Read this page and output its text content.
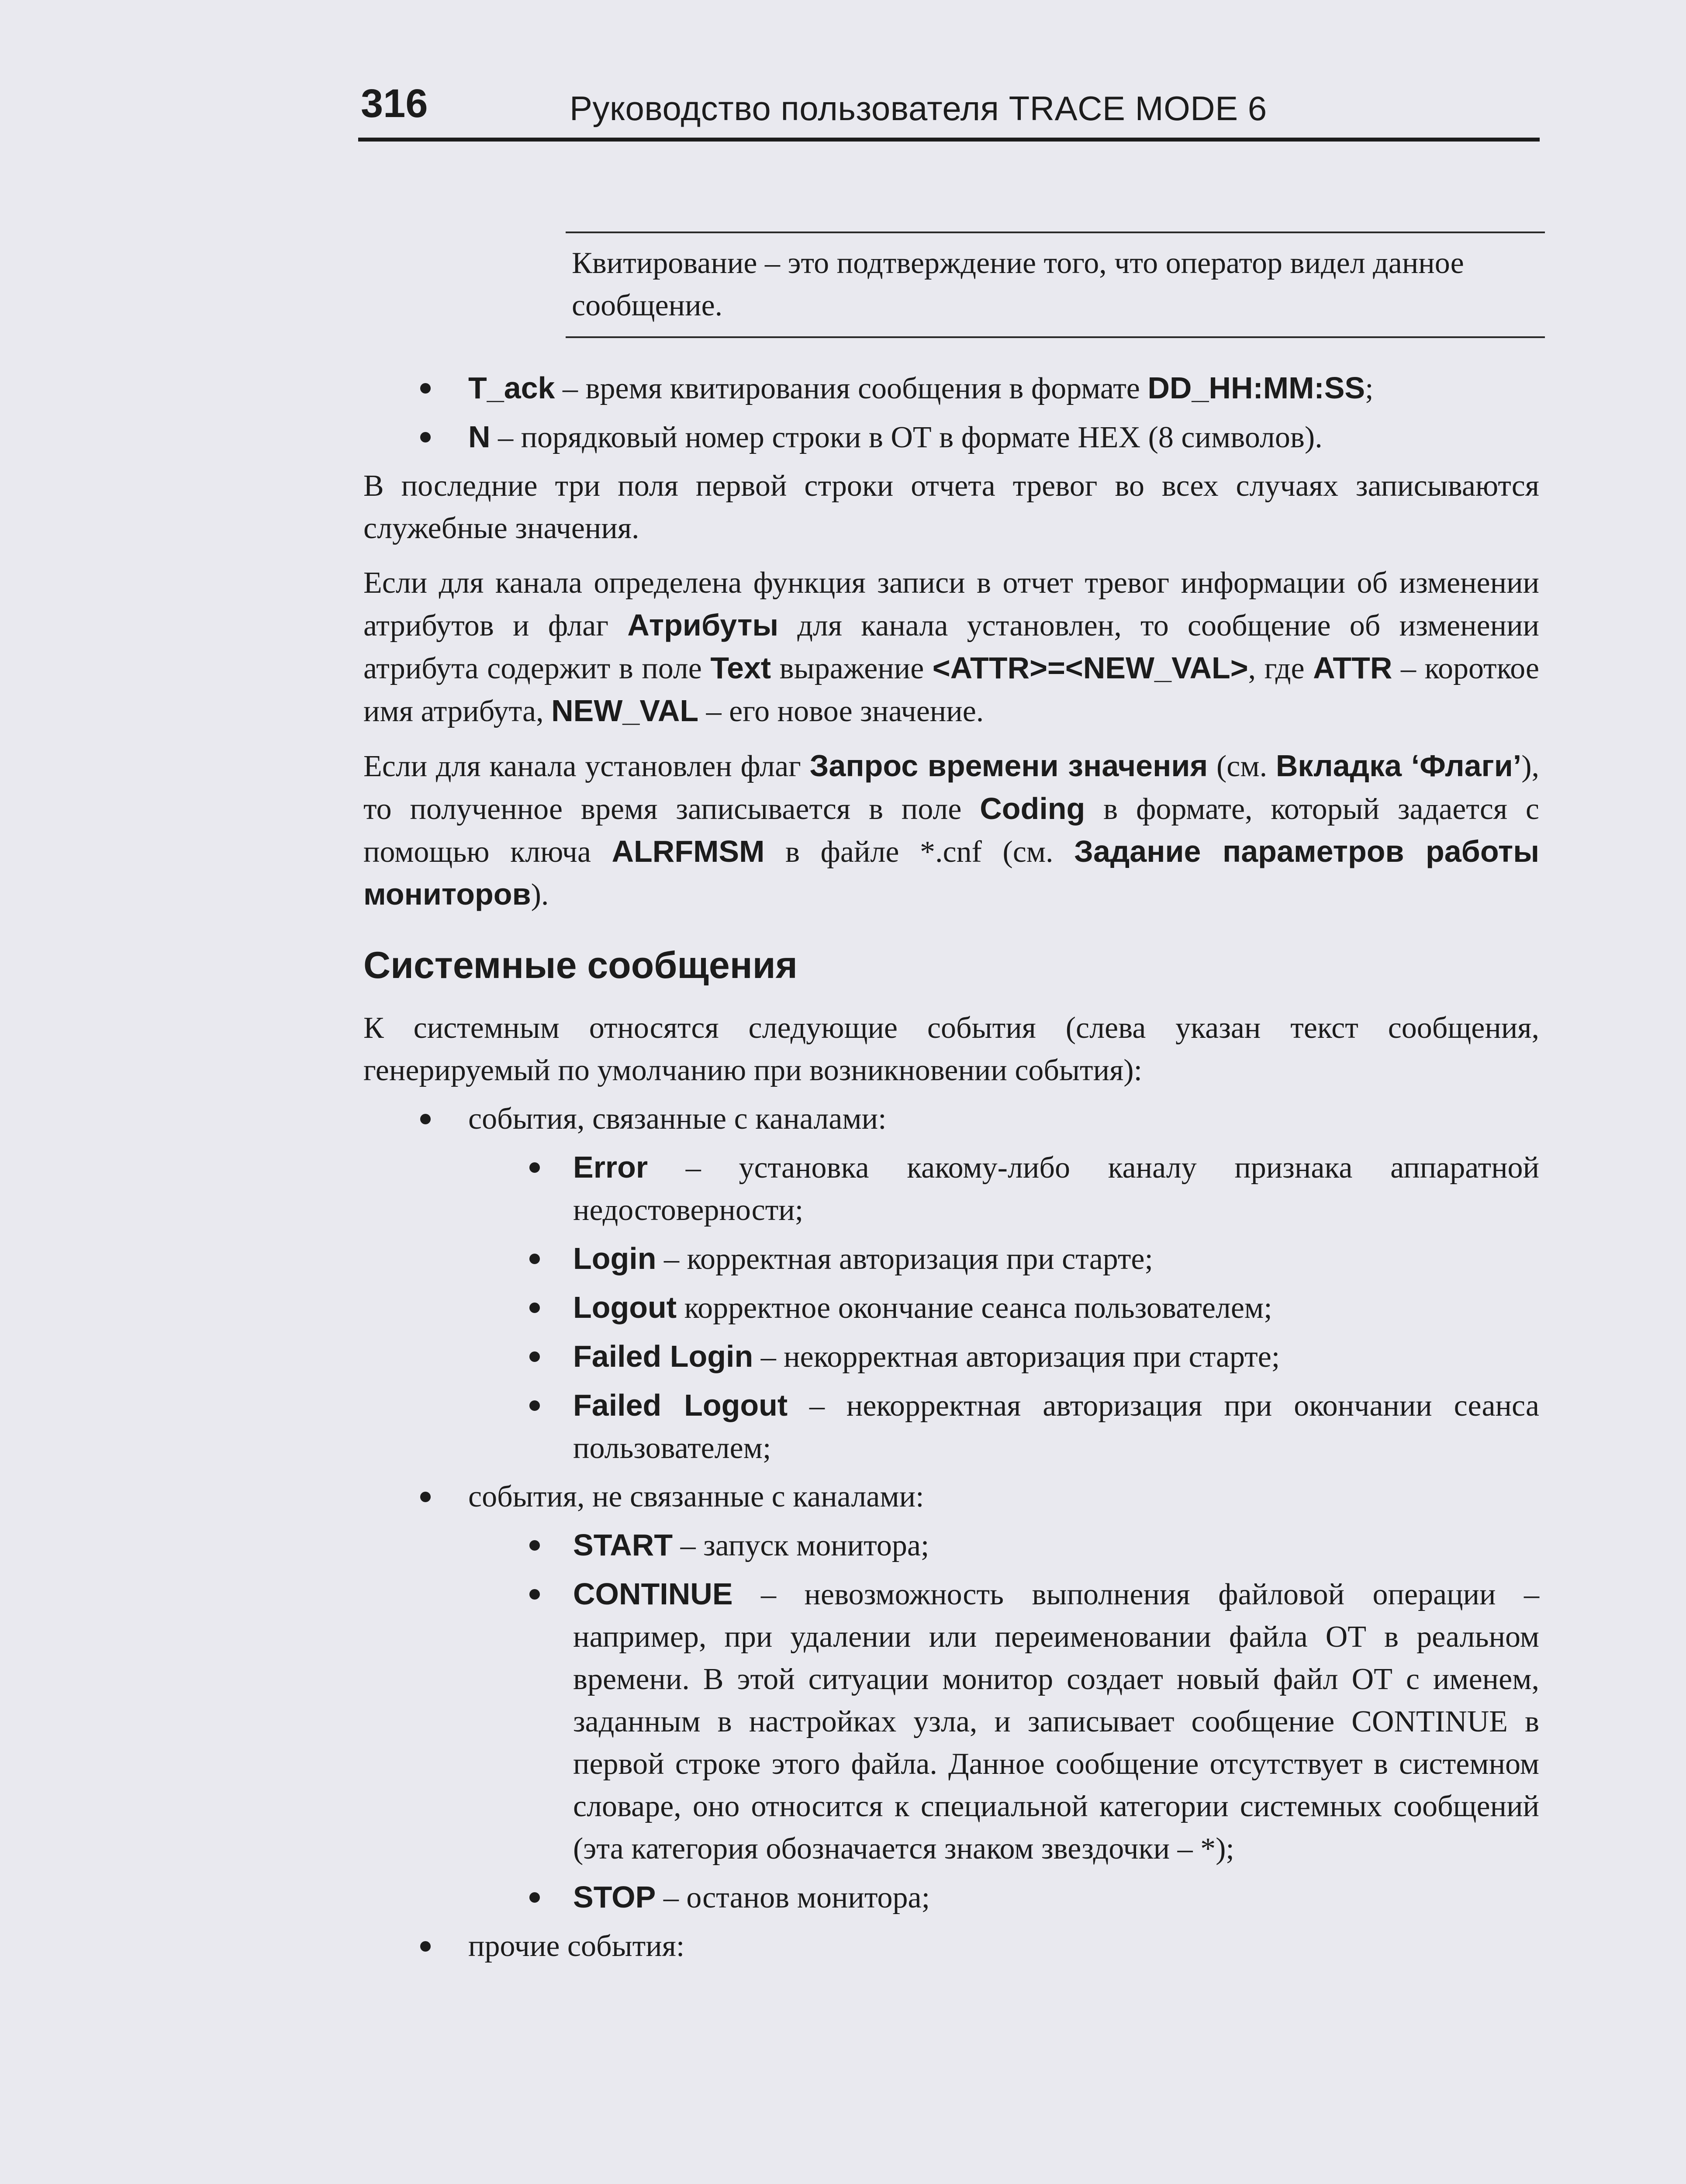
316	Руководство пользователя TRACE MODE 6
Квитирование – это подтверждение того, что оператор видел данное сообщение.
T_ack – время квитирования сообщения в формате DD_HH:MM:SS;
N – порядковый номер строки в ОТ в формате HEX (8 символов).

В последние три поля первой строки отчета тревог во всех случаях записываются служебные значения.

Если для канала определена функция записи в отчет тревог информации об изменении атрибутов и флаг Атрибуты для канала установлен, то сообщение об изменении атрибута содержит в поле Text выражение <ATTR>=<NEW_VAL>, где ATTR – короткое имя атрибута, NEW_VAL – его новое значение.

Если для канала установлен флаг Запрос времени значения (см. Вкладка ‘Флаги’), то полученное время записывается в поле Coding в формате, который задается с помощью ключа ALRFMSM в файле *.cnf (см. Задание параметров работы мониторов).

Системные сообщения

К системным относятся следующие события (слева указан текст сообщения, генерируемый по умолчанию при возникновении события):

события, связанные с каналами:
Error – установка какому-либо каналу признака аппаратной недостоверности;
Login – корректная авторизация при старте;
Logout корректное окончание сеанса пользователем;
Failed Login – некорректная авторизация при старте;
Failed Logout – некорректная авторизация при окончании сеанса пользователем;
события, не связанные с каналами:
START – запуск монитора;
CONTINUE – невозможность выполнения файловой операции – например, при удалении или переименовании файла ОТ в реальном времени. В этой ситуации монитор создает новый файл ОТ с именем, заданным в настройках узла, и записывает сообщение CONTINUE в первой строке этого файла. Данное сообщение отсутствует в системном словаре, оно относится к специальной категории системных сообщений (эта категория обозначается знаком звездочки – *);
STOP – останов монитора;
прочие события:
